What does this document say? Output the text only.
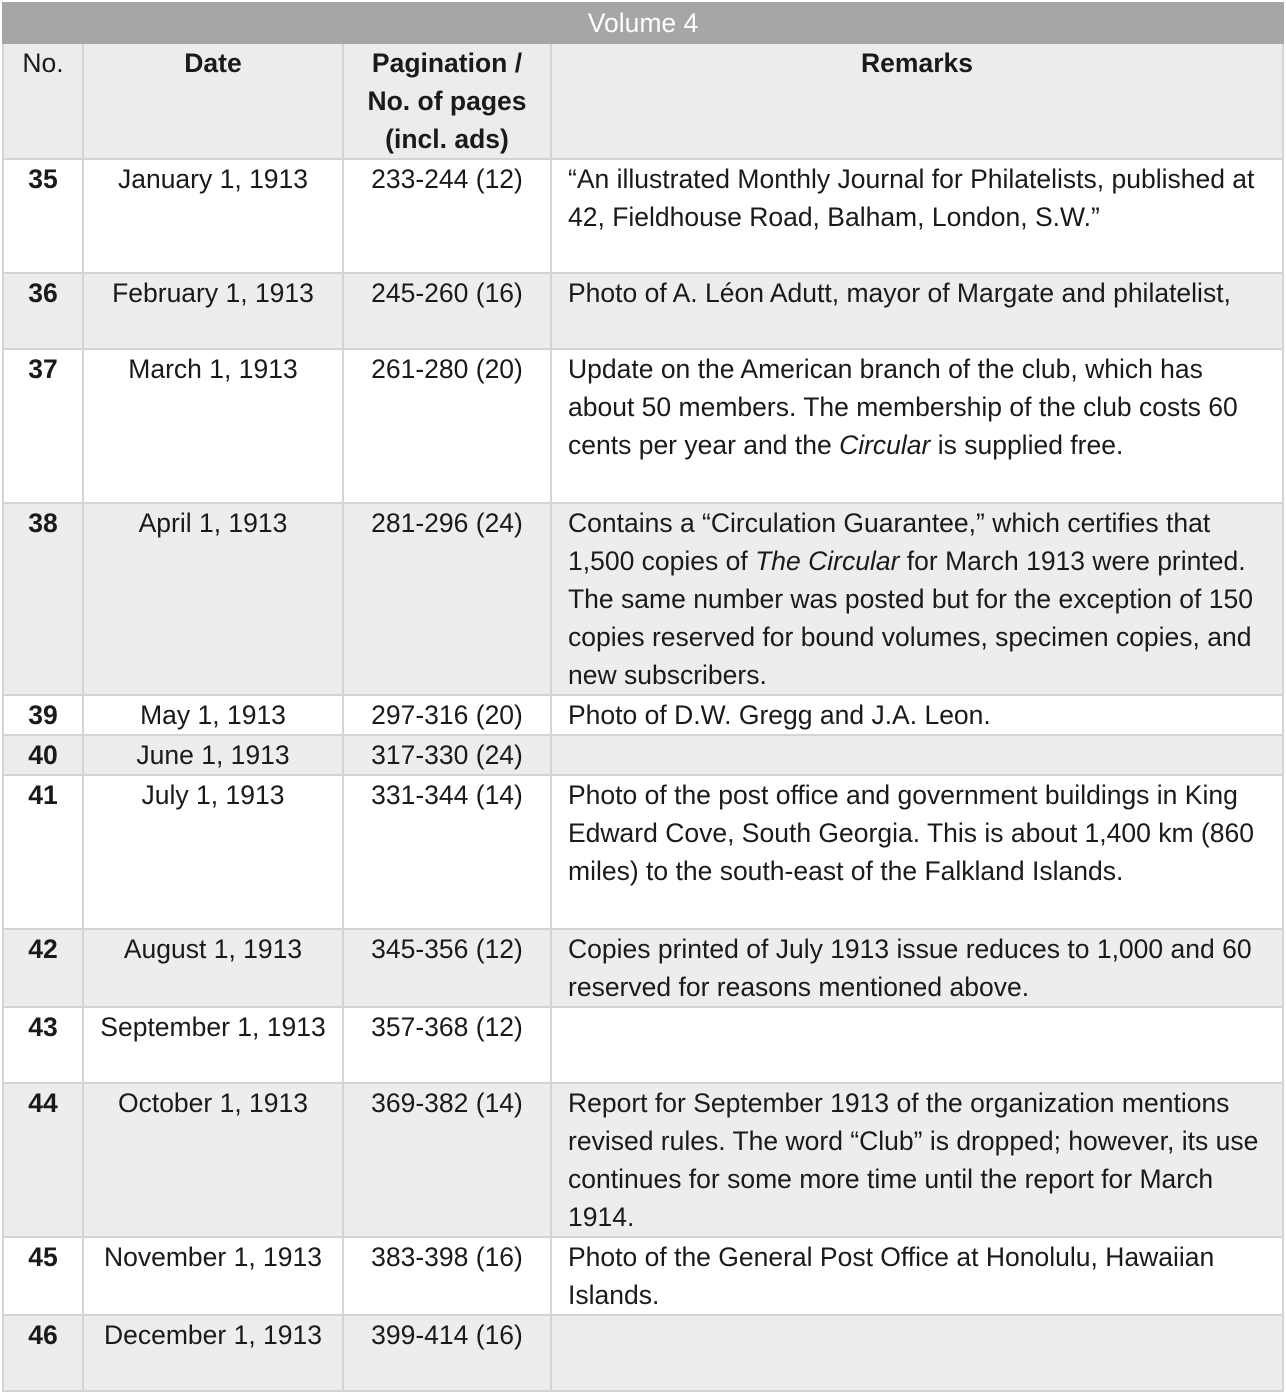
Volume 4			
No.	Date	Pagination /
No. of pages
(incl. ads)	Remarks
35	January 1, 1913	233-244 (12)	“An illustrated Monthly Journal for Philatelists, published at 42, Fieldhouse Road, Balham, London, S.W.”
36	February 1, 1913	245-260 (16)	Photo of A. Léon Adutt, mayor of Margate and philatelist,
37	March 1, 1913	261-280 (20)	Update on the American branch of the club, which has about 50 members. The membership of the club costs 60 cents per year and the Circular is supplied free.
38	April 1, 1913	281-296 (24)	Contains a “Circulation Guarantee,” which certifies that 1,500 copies of The Circular for March 1913 were printed. The same number was posted but for the exception of 150 copies reserved for bound volumes, specimen copies, and new subscribers.
39	May 1, 1913	297-316 (20)	Photo of D.W. Gregg and J.A. Leon.
40	June 1, 1913	317-330 (24)	
41	July 1, 1913	331-344 (14)	Photo of the post office and government buildings in King Edward Cove, South Georgia. This is about 1,400 km (860 miles) to the south-east of the Falkland Islands.
42	August 1, 1913	345-356 (12)	Copies printed of July 1913 issue reduces to 1,000 and 60 reserved for reasons mentioned above.
43	September 1, 1913	357-368 (12)	
44	October 1, 1913	369-382 (14)	Report for September 1913 of the organization mentions revised rules. The word “Club” is dropped; however, its use continues for some more time until the report for March 1914.
45	November 1, 1913	383-398 (16)	Photo of the General Post Office at Honolulu, Hawaiian Islands.
46	December 1, 1913	399-414 (16)	
